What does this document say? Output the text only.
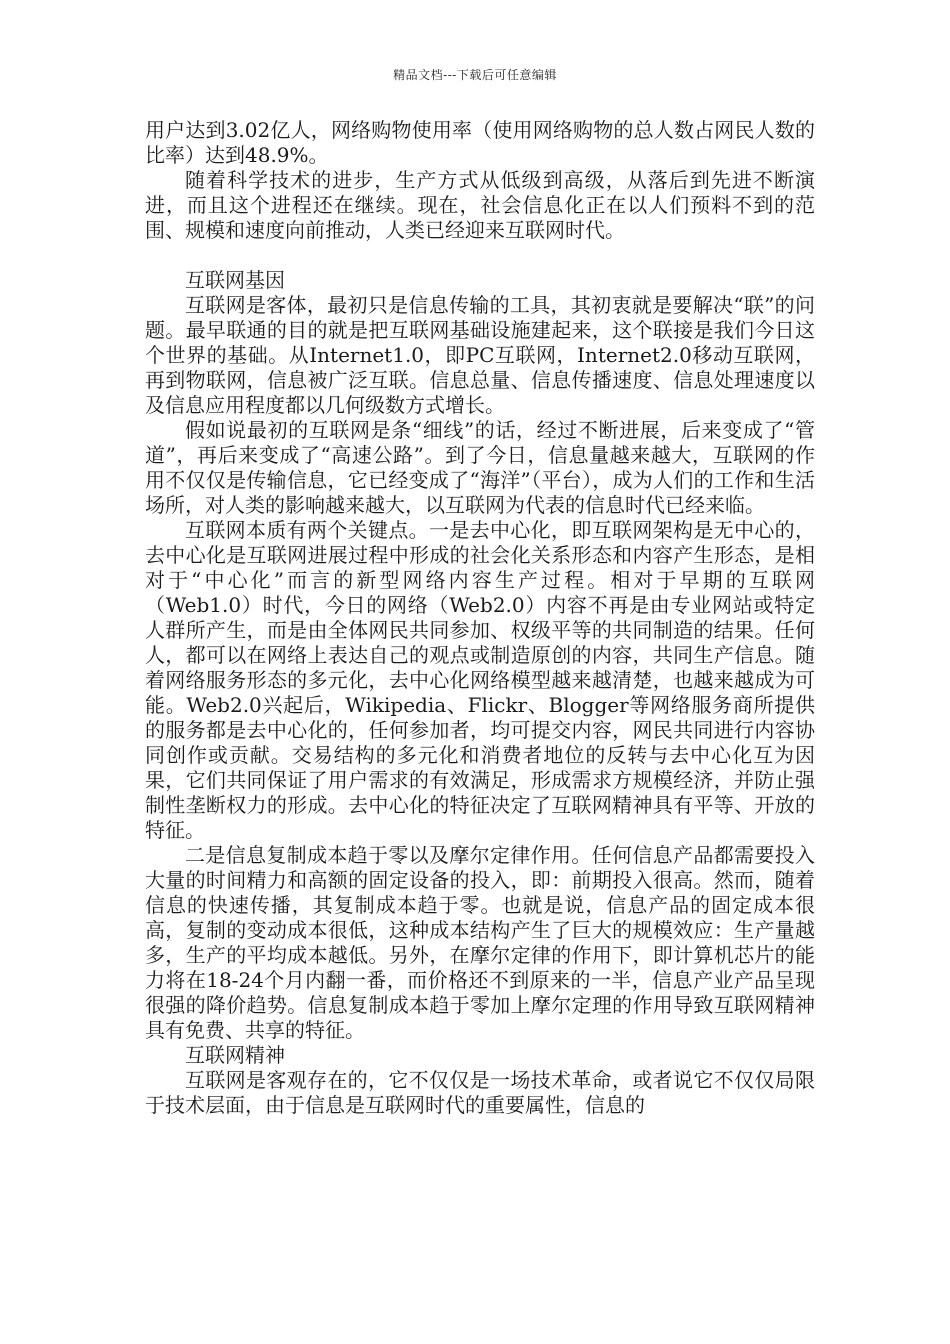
精品文档---下载后可任意编辑

用户达到3.02亿人，网络购物使用率（使用网络购物的总人数占网民人数的比率）达到48.9%。

随着科学技术的进步，生产方式从低级到高级，从落后到先进不断演进，而且这个进程还在继续。现在，社会信息化正在以人们预料不到的范围、规模和速度向前推动，人类已经迎来互联网时代。

互联网基因

互联网是客体，最初只是信息传输的工具，其初衷就是要解决“联”的问题。最早联通的目的就是把互联网基础设施建起来，这个联接是我们今日这个世界的基础。从Internet1.0，即PC互联网，Internet2.0移动互联网，再到物联网，信息被广泛互联。信息总量、信息传播速度、信息处理速度以及信息应用程度都以几何级数方式增长。

假如说最初的互联网是条“细线”的话，经过不断进展，后来变成了“管道”，再后来变成了“高速公路”。到了今日，信息量越来越大，互联网的作用不仅仅是传输信息，它已经变成了“海洋”（平台），成为人们的工作和生活场所，对人类的影响越来越大，以互联网为代表的信息时代已经来临。

互联网本质有两个关键点。一是去中心化，即互联网架构是无中心的，去中心化是互联网进展过程中形成的社会化关系形态和内容产生形态，是相对于“中心化”而言的新型网络内容生产过程。相对于早期的互联网（Web1.0）时代，今日的网络（Web2.0）内容不再是由专业网站或特定人群所产生，而是由全体网民共同参加、权级平等的共同制造的结果。任何人，都可以在网络上表达自己的观点或制造原创的内容，共同生产信息。随着网络服务形态的多元化，去中心化网络模型越来越清楚，也越来越成为可能。Web2.0兴起后，Wikipedia、Flickr、Blogger等网络服务商所提供的服务都是去中心化的，任何参加者，均可提交内容，网民共同进行内容协同创作或贡献。交易结构的多元化和消费者地位的反转与去中心化互为因果，它们共同保证了用户需求的有效满足，形成需求方规模经济，并防止强制性垄断权力的形成。去中心化的特征决定了互联网精神具有平等、开放的特征。

二是信息复制成本趋于零以及摩尔定律作用。任何信息产品都需要投入大量的时间精力和高额的固定设备的投入，即：前期投入很高。然而，随着信息的快速传播，其复制成本趋于零。也就是说，信息产品的固定成本很高，复制的变动成本很低，这种成本结构产生了巨大的规模效应：生产量越多，生产的平均成本越低。另外，在摩尔定律的作用下，即计算机芯片的能力将在18-24个月内翻一番，而价格还不到原来的一半，信息产业产品呈现很强的降价趋势。信息复制成本趋于零加上摩尔定理的作用导致互联网精神具有免费、共享的特征。

互联网精神

互联网是客观存在的，它不仅仅是一场技术革命，或者说它不仅仅局限于技术层面，由于信息是互联网时代的重要属性，信息的
